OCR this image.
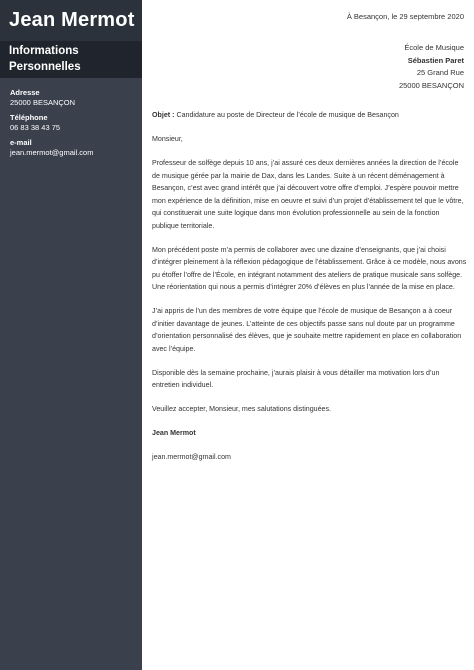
Jean Mermot
Informations
Personnelles
Adresse
25000 BESANÇON
Téléphone
06 83 38 43 75
e-mail
jean.mermot@gmail.com
À Besançon, le 29 septembre 2020
École de Musique
Sébastien Paret
25 Grand Rue
25000 BESANÇON

Objet : Candidature au poste de Directeur de l’école de musique de Besançon

Monsieur,

Professeur de solfège depuis 10 ans, j’ai assuré ces deux dernières années la direction de l’école de musique gérée par la mairie de Dax, dans les Landes. Suite à un récent déménagement à Besançon, c’est avec grand intérêt que j’ai découvert votre offre d’emploi. J’espère pouvoir mettre mon expérience de la définition, mise en oeuvre et suivi d’un projet d’établissement tel que le vôtre, qui constituerait une suite logique dans mon évolution professionnelle au sein de la fonction publique territoriale.

Mon précédent poste m’a permis de collaborer avec une dizaine d’enseignants, que j’ai choisi d’intégrer pleinement à la réflexion pédagogique de l’établissement. Grâce à ce modèle, nous avons pu étoffer l’offre de l’École, en intégrant notamment des ateliers de pratique musicale sans solfège. Une réorientation qui nous a permis d’intégrer 20% d’élèves en plus l’année de la mise en place.

J’ai appris de l’un des membres de votre équipe que l’école de musique de Besançon a à coeur d’initier davantage de jeunes. L’atteinte de ces objectifs passe sans nul doute par un programme d’orientation personnalisé des élèves, que je souhaite mettre rapidement en place en collaboration avec l’équipe.

Disponible dès la semaine prochaine, j’aurais plaisir à vous détailler ma motivation lors d’un entretien individuel.

Veuillez accepter, Monsieur, mes salutations distinguées.

Jean Mermot

jean.mermot@gmail.com
